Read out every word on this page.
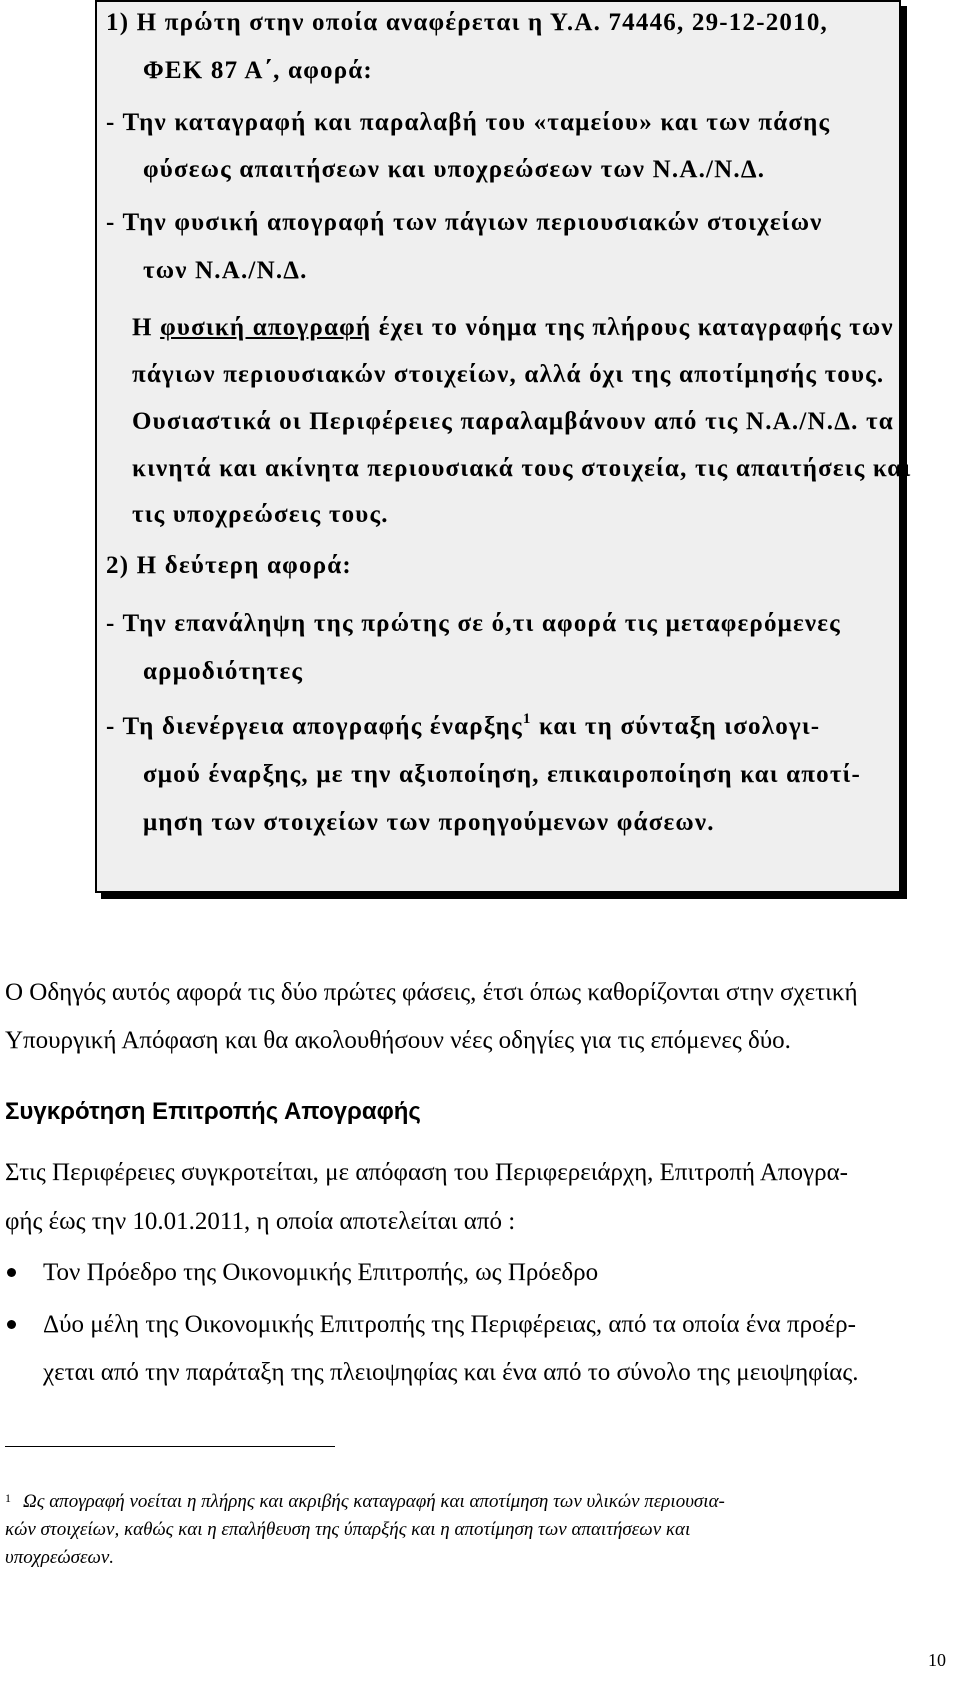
1) Η πρώτη στην οποία αναφέρεται η Υ.Α. 74446, 29-12-2010,
ΦΕΚ 87 Α΄, αφορά:
- Την καταγραφή και παραλαβή του «ταμείου» και των πάσης
φύσεως απαιτήσεων και υποχρεώσεων των Ν.Α./Ν.Δ.
- Την φυσική απογραφή των πάγιων περιουσιακών στοιχείων
των Ν.Α./Ν.Δ.
Η φυσική απογραφή έχει το νόημα της πλήρους καταγραφής των
πάγιων περιουσιακών στοιχείων, αλλά όχι της αποτίμησής τους.
Ουσιαστικά οι Περιφέρειες παραλαμβάνουν από τις Ν.Α./Ν.Δ. τα
κινητά και ακίνητα περιουσιακά τους στοιχεία, τις απαιτήσεις και
τις υποχρεώσεις τους.
2) Η δεύτερη αφορά:
- Την επανάληψη της πρώτης σε ό,τι αφορά τις μεταφερόμενες
αρμοδιότητες
- Τη διενέργεια απογραφής έναρξης$^1$ και τη σύνταξη ισολογι-
σμού έναρξης, με την αξιοποίηση, επικαιροποίηση και αποτί-
μηση των στοιχείων των προηγούμενων φάσεων.
Ο Οδηγός αυτός αφορά τις δύο πρώτες φάσεις, έτσι όπως καθορίζονται στην σχετική
Υπουργική Απόφαση και θα ακολουθήσουν νέες οδηγίες για τις επόμενες δύο.
Συγκρότηση Επιτροπής Απογραφής
Στις Περιφέρειες συγκροτείται, με απόφαση του Περιφερειάρχη, Επιτροπή Απογρα-
φής έως την 10.01.2011, η οποία αποτελείται από :
Τον Πρόεδρο της Οικονομικής Επιτροπής, ως Πρόεδρο
Δύο μέλη της Οικονομικής Επιτροπής της Περιφέρειας, από τα οποία ένα προέρ-
χεται από την παράταξη της πλειοψηφίας και ένα από το σύνολο της μειοψηφίας.
1 Ως απογραφή νοείται η πλήρης και ακριβής καταγραφή και αποτίμηση των υλικών περιουσια-
κών στοιχείων, καθώς και η επαλήθευση της ύπαρξής και η αποτίμηση των απαιτήσεων και
υποχρεώσεων.
10
